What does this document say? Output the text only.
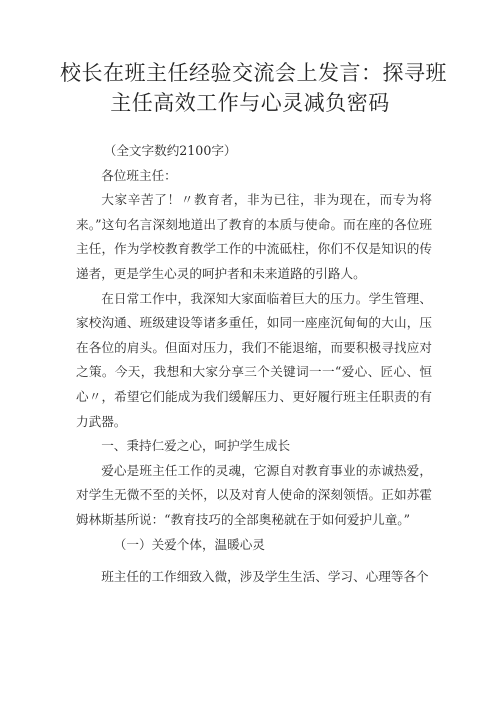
校长在班主任经验交流会上发言：探寻班
主任高效工作与心灵减负密码

（全文字数约2100字）

各位班主任：

大家辛苦了！〃教育者，非为已往，非为现在，而专为将来。”这句名言深刻地道出了教育的本质与使命。而在座的各位班主任，作为学校教育教学工作的中流砥柱，你们不仅是知识的传递者，更是学生心灵的呵护者和未来道路的引路人。

在日常工作中，我深知大家面临着巨大的压力。学生管理、家校沟通、班级建设等诸多重任，如同一座座沉甸甸的大山，压在各位的肩头。但面对压力，我们不能退缩，而要积极寻找应对之策。今天，我想和大家分享三个关键词一一“爱心、匠心、恒心〃，希望它们能成为我们缓解压力、更好履行班主任职责的有力武器。

一、秉持仁爱之心，呵护学生成长

爱心是班主任工作的灵魂，它源自对教育事业的赤诚热爱，对学生无微不至的关怀，以及对育人使命的深刻领悟。正如苏霍姆林斯基所说：“教育技巧的全部奥秘就在于如何爱护儿童。”

（一）关爱个体，温暖心灵

班主任的工作细致入微，涉及学生生活、学习、心理等各个
